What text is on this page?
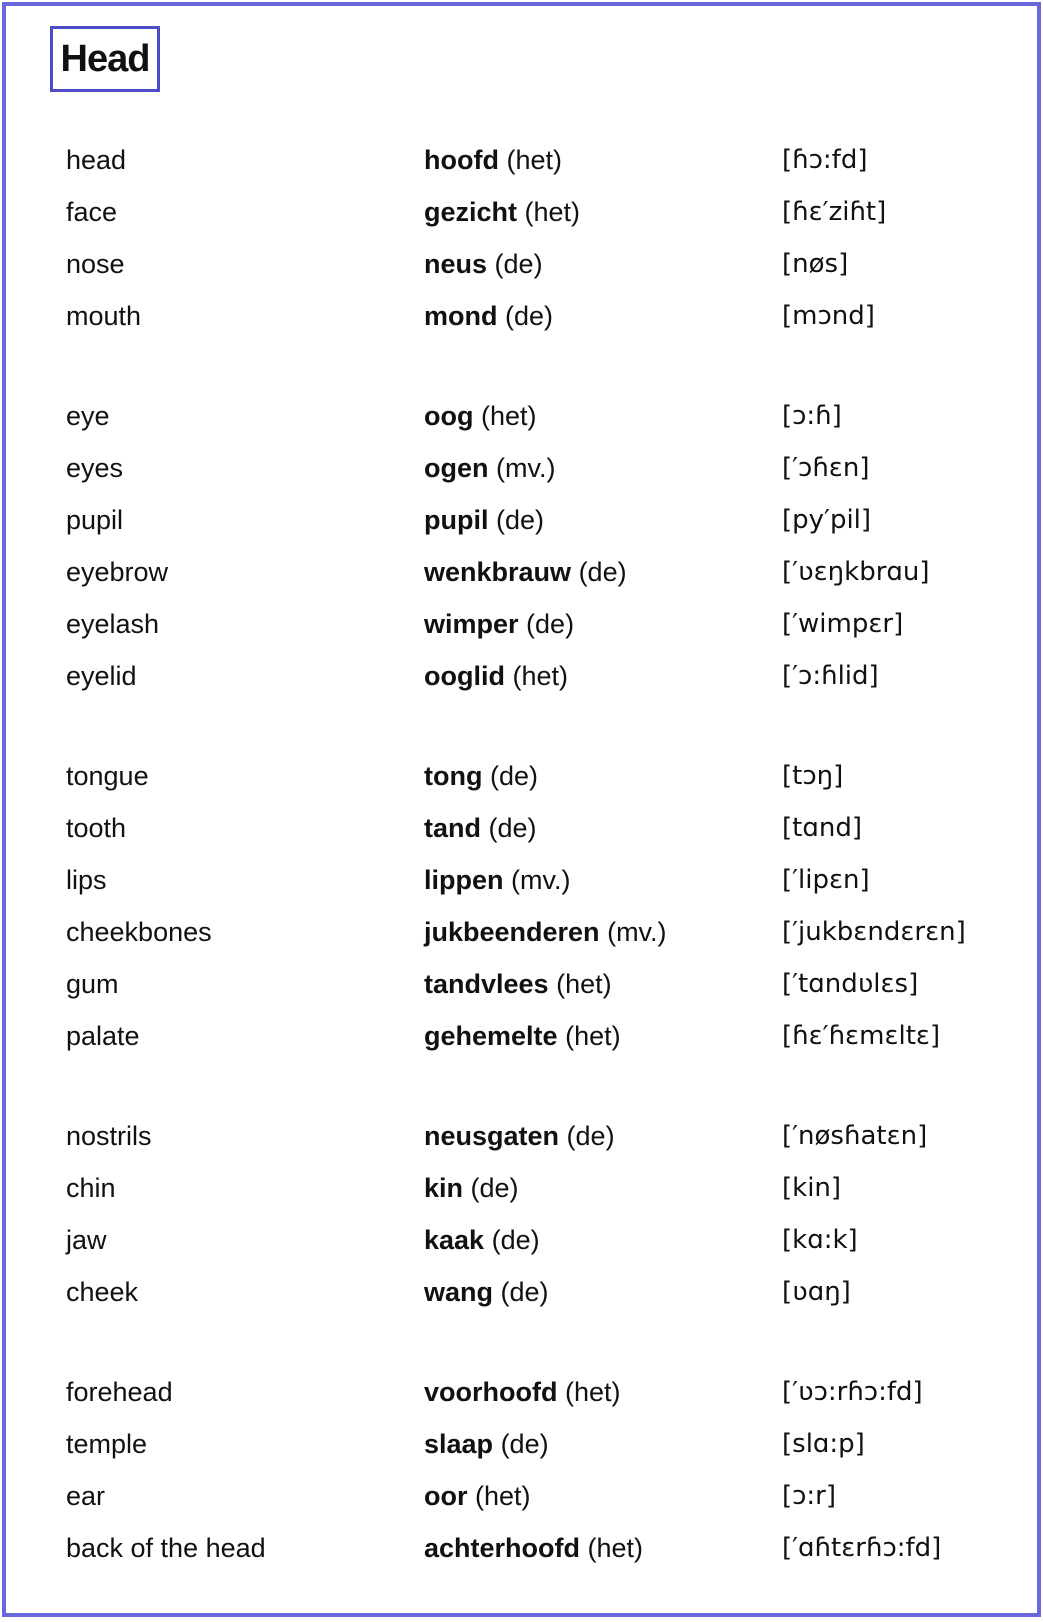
Head
head	hoofd (het)	[ɦɔ:fd]
face	gezicht (het)	[ɦɛ′ziɦt]
nose	neus (de)	[nøs]
mouth	mond (de)	[mɔnd]
eye	oog (het)	[ɔ:ɦ]
eyes	ogen (mv.)	[′ɔɦɛn]
pupil	pupil (de)	[py′pil]
eyebrow	wenkbrauw (de)	[′ʋɛŋkbrɑu]
eyelash	wimper (de)	[′wimpɛr]
eyelid	ooglid (het)	[′ɔ:ɦlid]
tongue	tong (de)	[tɔŋ]
tooth	tand (de)	[tɑnd]
lips	lippen (mv.)	[′lipɛn]
cheekbones	jukbeenderen (mv.)	[′jukbɛndɛrɛn]
gum	tandvlees (het)	[′tɑndʋlɛs]
palate	gehemelte (het)	[ɦɛ′ɦɛmɛltɛ]
nostrils	neusgaten (de)	[′nøsɦatɛn]
chin	kin (de)	[kin]
jaw	kaak (de)	[kɑ:k]
cheek	wang (de)	[ʋɑŋ]
forehead	voorhoofd (het)	[′ʋɔ:rɦɔ:fd]
temple	slaap (de)	[slɑ:p]
ear	oor (het)	[ɔ:r]
back of the head	achterhoofd (het)	[′ɑɦtɛrɦɔ:fd]
